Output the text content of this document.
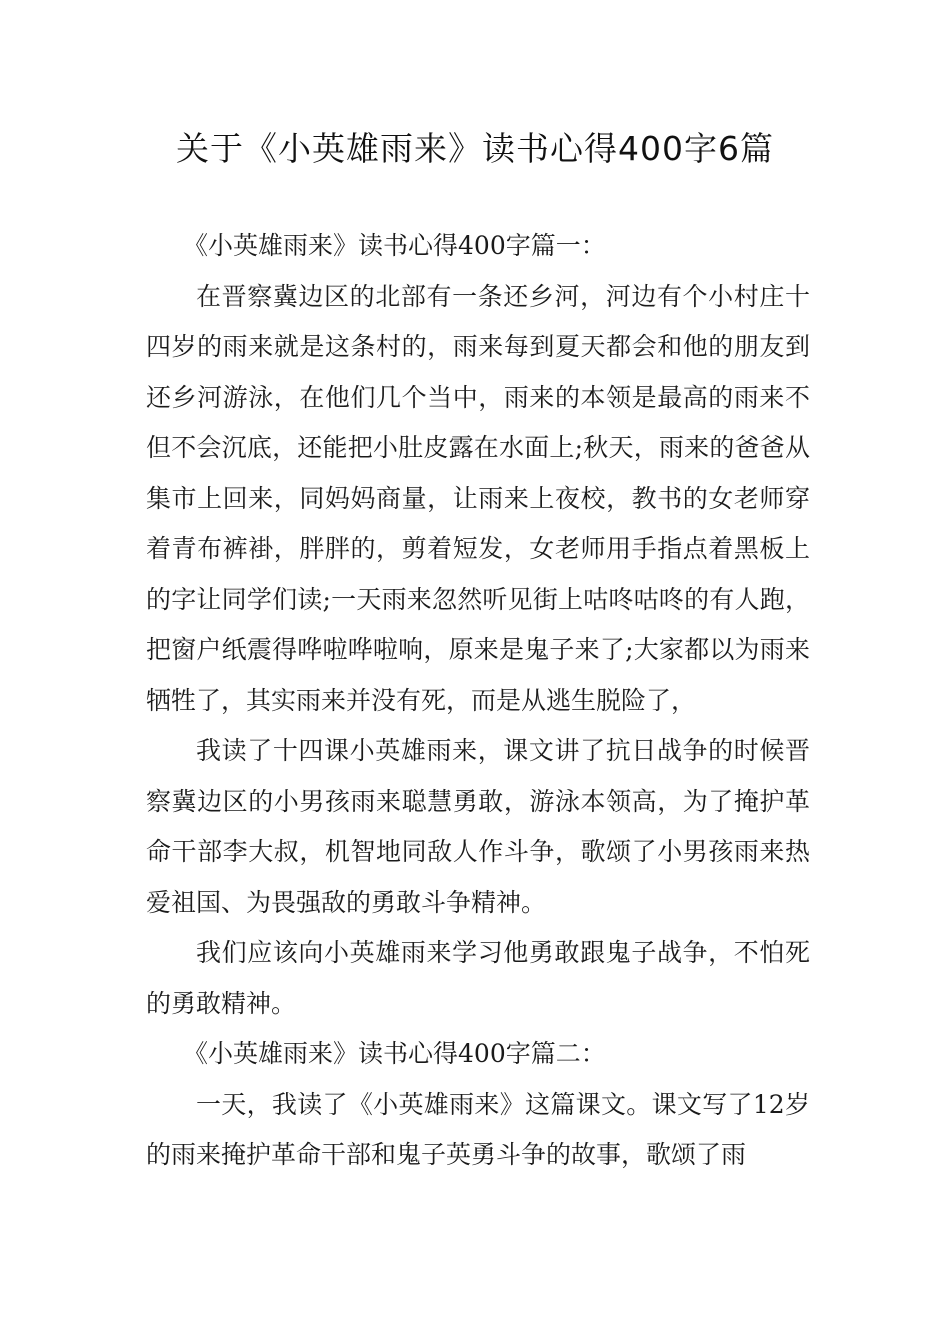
关于《小英雄雨来》读书心得400字6篇

《小英雄雨来》读书心得400字篇一：

在晋察冀边区的北部有一条还乡河，河边有个小村庄十四岁的雨来就是这条村的，雨来每到夏天都会和他的朋友到还乡河游泳，在他们几个当中，雨来的本领是最高的雨来不但不会沉底，还能把小肚皮露在水面上;秋天，雨来的爸爸从集市上回来，同妈妈商量，让雨来上夜校，教书的女老师穿着青布裤褂，胖胖的，剪着短发，女老师用手指点着黑板上的字让同学们读;一天雨来忽然听见街上咕咚咕咚的有人跑，把窗户纸震得哗啦哗啦响，原来是鬼子来了;大家都以为雨来牺牲了，其实雨来并没有死，而是从逃生脱险了，

我读了十四课小英雄雨来，课文讲了抗日战争的时候晋察冀边区的小男孩雨来聪慧勇敢，游泳本领高，为了掩护革命干部李大叔，机智地同敌人作斗争，歌颂了小男孩雨来热爱祖国、为畏强敌的勇敢斗争精神。

我们应该向小英雄雨来学习他勇敢跟鬼子战争，不怕死的勇敢精神。

《小英雄雨来》读书心得400字篇二：

一天，我读了《小英雄雨来》这篇课文。课文写了12岁的雨来掩护革命干部和鬼子英勇斗争的故事，歌颂了雨
